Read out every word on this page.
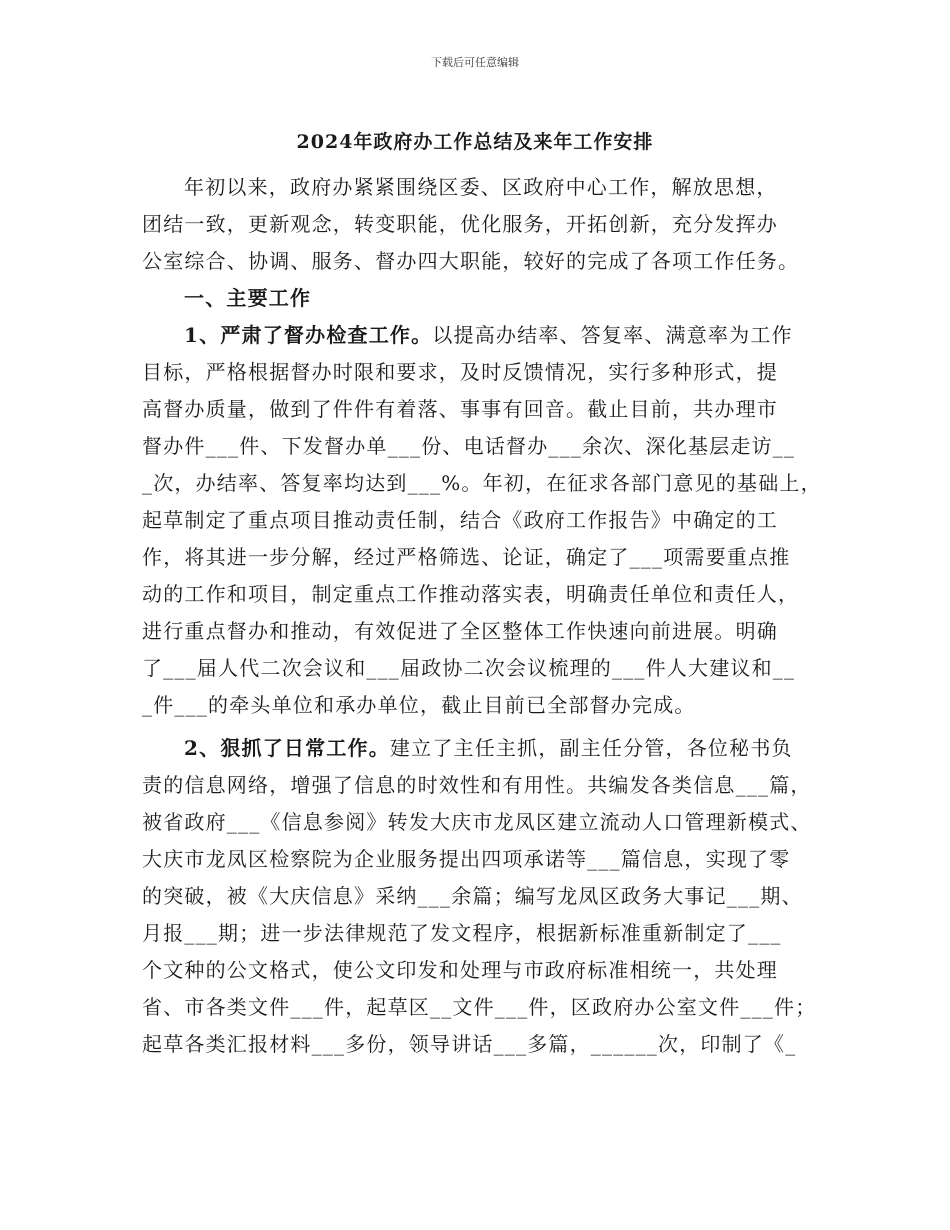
下载后可任意编辑
2024年政府办工作总结及来年工作安排
年初以来，政府办紧紧围绕区委、区政府中心工作，解放思想，
团结一致，更新观念，转变职能，优化服务，开拓创新，充分发挥办
公室综合、协调、服务、督办四大职能，较好的完成了各项工作任务。
一、主要工作
1、严肃了督办检查工作。以提高办结率、答复率、满意率为工作
目标，严格根据督办时限和要求，及时反馈情况，实行多种形式，提
高督办质量，做到了件件有着落、事事有回音。截止目前，共办理市
督办件___件、下发督办单___份、电话督办___余次、深化基层走访__
_次，办结率、答复率均达到___%。年初，在征求各部门意见的基础上，
起草制定了重点项目推动责任制，结合《政府工作报告》中确定的工
作，将其进一步分解，经过严格筛选、论证，确定了___项需要重点推
动的工作和项目，制定重点工作推动落实表，明确责任单位和责任人，
进行重点督办和推动，有效促进了全区整体工作快速向前进展。明确
了___届人代二次会议和___届政协二次会议梳理的___件人大建议和__
_件___的牵头单位和承办单位，截止目前已全部督办完成。
2、狠抓了日常工作。建立了主任主抓，副主任分管，各位秘书负
责的信息网络，增强了信息的时效性和有用性。共编发各类信息___篇，
被省政府___《信息参阅》转发大庆市龙凤区建立流动人口管理新模式、
大庆市龙凤区检察院为企业服务提出四项承诺等___篇信息，实现了零
的突破，被《大庆信息》采纳___余篇；编写龙凤区政务大事记___期、
月报___期；进一步法律规范了发文程序，根据新标准重新制定了___
个文种的公文格式，使公文印发和处理与市政府标准相统一，共处理
省、市各类文件___件，起草区__文件___件，区政府办公室文件___件；
起草各类汇报材料___多份，领导讲话___多篇，______次，印制了《_
